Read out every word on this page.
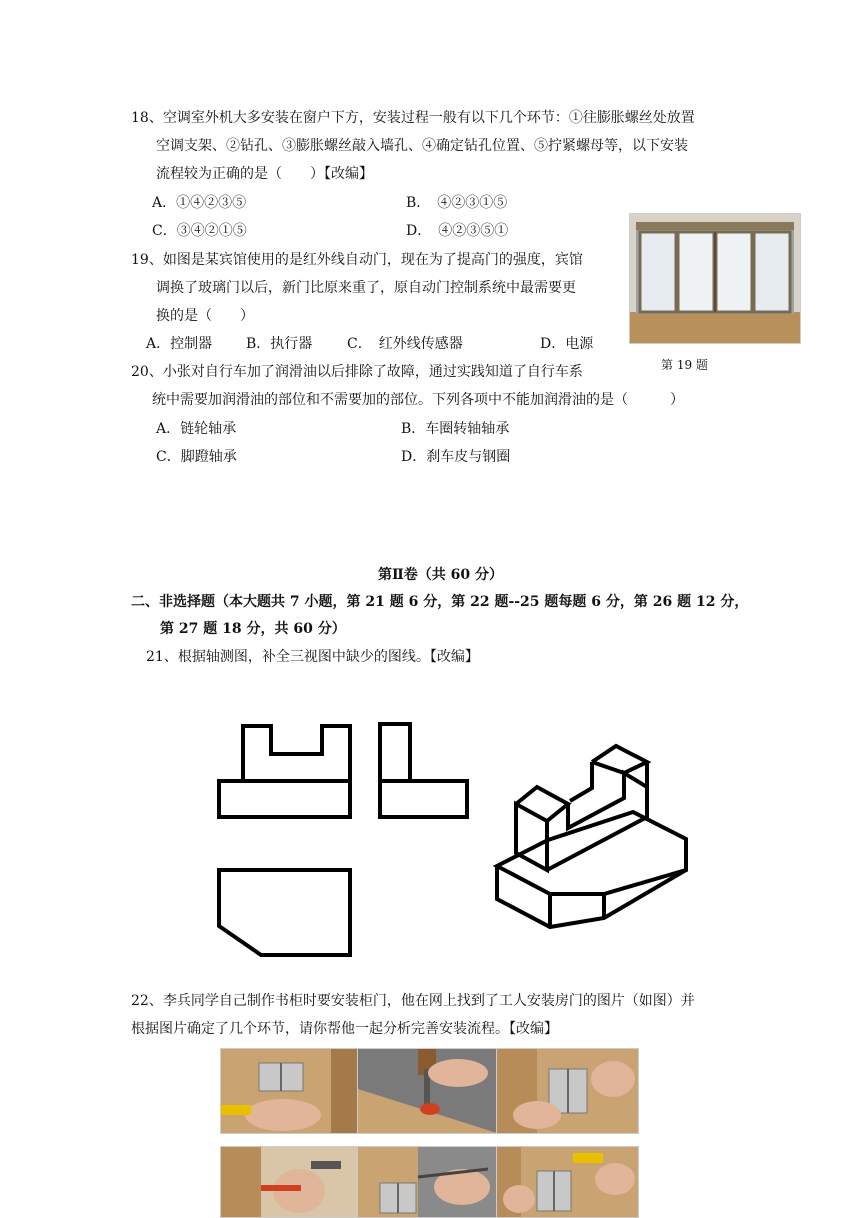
18、空调室外机大多安装在窗户下方，安装过程一般有以下几个环节：①往膨胀螺丝处放置
空调支架、②钻孔、③膨胀螺丝敲入墙孔、④确定钻孔位置、⑤拧紧螺母等，以下安装
流程较为正确的是（　　）【改编】
A．①④②③⑤	B．　④②③①⑤
C．③④②①⑤	D．　④②③⑤①
第 19 题
19、如图是某宾馆使用的是红外线自动门，现在为了提高门的强度，宾馆
调换了玻璃门以后，新门比原来重了，原自动门控制系统中最需要更
换的是（　　）
A．控制器 B．执行器 C．　红外线传感器	D．电源
20、小张对自行车加了润滑油以后排除了故障，通过实践知道了自行车系
统中需要加润滑油的部位和不需要加的部位。下列各项中不能加润滑油的是（　　　）
A．链轮轴承	B．车圈转轴轴承
C．脚蹬轴承	D．刹车皮与钢圈
第Ⅱ卷（共 60 分）
二、非选择题（本大题共 7 小题，第 21 题 6 分，第 22 题--25 题每题 6 分，第 26 题 12 分，
第 27 题 18 分，共 60 分）
21、根据轴测图，补全三视图中缺少的图线。【改编】
22、李兵同学自己制作书柜时要安装柜门，他在网上找到了工人安装房门的图片（如图）并
根据图片确定了几个环节，请你帮他一起分析完善安装流程。【改编】
